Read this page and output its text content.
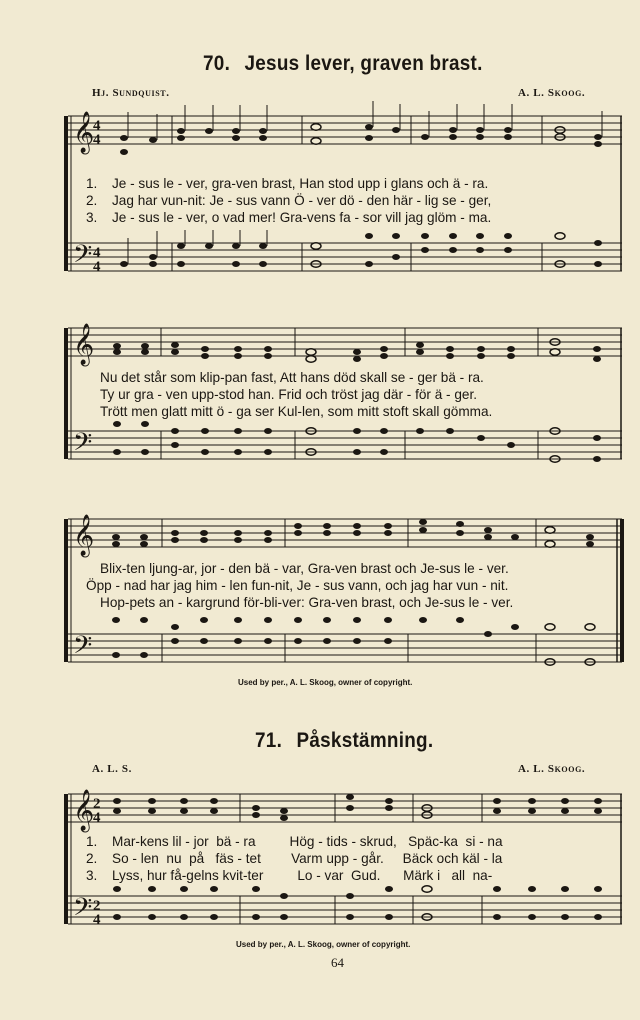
70. Jesus lever, graven brast.
Hj. Sundquist.	A. L. Skoog.
𝄞
𝄢
4
4
4
4
1. Je - sus le - ver, gra-ven brast, Han stod upp i glans och ä - ra.
2. Jag har vun-nit: Je - sus vann Ö - ver dö - den här - lig se - ger,
3. Je - sus le - ver, o vad mer! Gra-vens fa - sor vill jag glöm - ma.
𝄞
𝄢
Nu det står som klip-pan fast, Att hans död skall se - ger bä - ra.
Ty ur gra - ven upp-stod han. Frid och tröst jag där - för ä - ger.
Trött men glatt mitt ö - ga ser Kul-len, som mitt stoft skall gömma.
𝄞
𝄢
Blix-ten ljung-ar, jor - den bä - var, Gra-ven brast och Je-sus le - ver.
Öpp - nad har jag him - len fun-nit, Je - sus vann, och jag har vun - nit.
Hop-pets an - kargrund för-bli-ver: Gra-ven brast, och Je-sus le - ver.
Used by per., A. L. Skoog, owner of copyright.
71. Påskstämning.
A. L. S.	A. L. Skoog.
𝄞
𝄢
2
4
2
4
1. Mar-kens lil - jor  bä - ra         Hög - tids - skrud,   Späc-ka  si - na
2. So - len  nu  på   fäs - tet        Varm upp - går.     Bäck och käl - la
3. Lyss, hur få-gelns kvit-ter         Lo - var  Gud.      Märk i   all  na-
Used by per., A. L. Skoog, owner of copyright.
64
